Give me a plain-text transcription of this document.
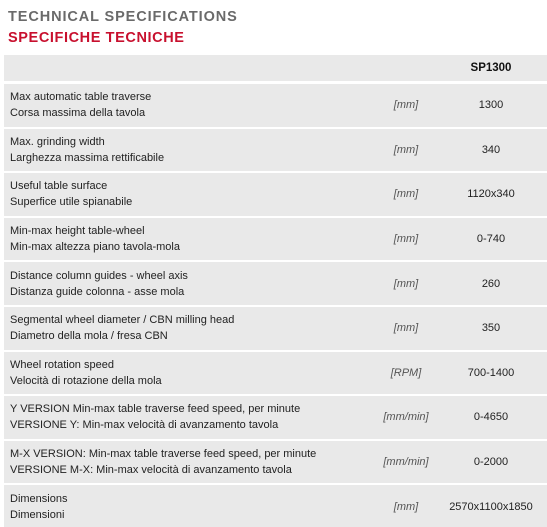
TECHNICAL SPECIFICATIONS
SPECIFICHE TECNICHE
SP1300
Max automatic table traverse
Corsa massima della tavola
[mm]	1300
Max. grinding width
Larghezza massima rettificabile
[mm]	340
Useful table surface
Superfice utile spianabile
[mm]	1120x340
Min-max height table-wheel
Min-max altezza piano tavola-mola
[mm]	0-740
Distance column guides - wheel axis
Distanza guide colonna - asse mola
[mm]	260
Segmental wheel diameter / CBN milling head
Diametro della mola / fresa CBN
[mm]	350
Wheel rotation speed
Velocità di rotazione della mola
[RPM]	700-1400
Y VERSION Min-max table traverse feed speed, per minute
VERSIONE Y: Min-max velocità di avanzamento tavola
[mm/min]	0-4650
M-X VERSION: Min-max table traverse feed speed, per minute
VERSIONE M-X: Min-max velocità di avanzamento tavola
[mm/min]	0-2000
Dimensions
Dimensioni
[mm]	2570x1100x1850
